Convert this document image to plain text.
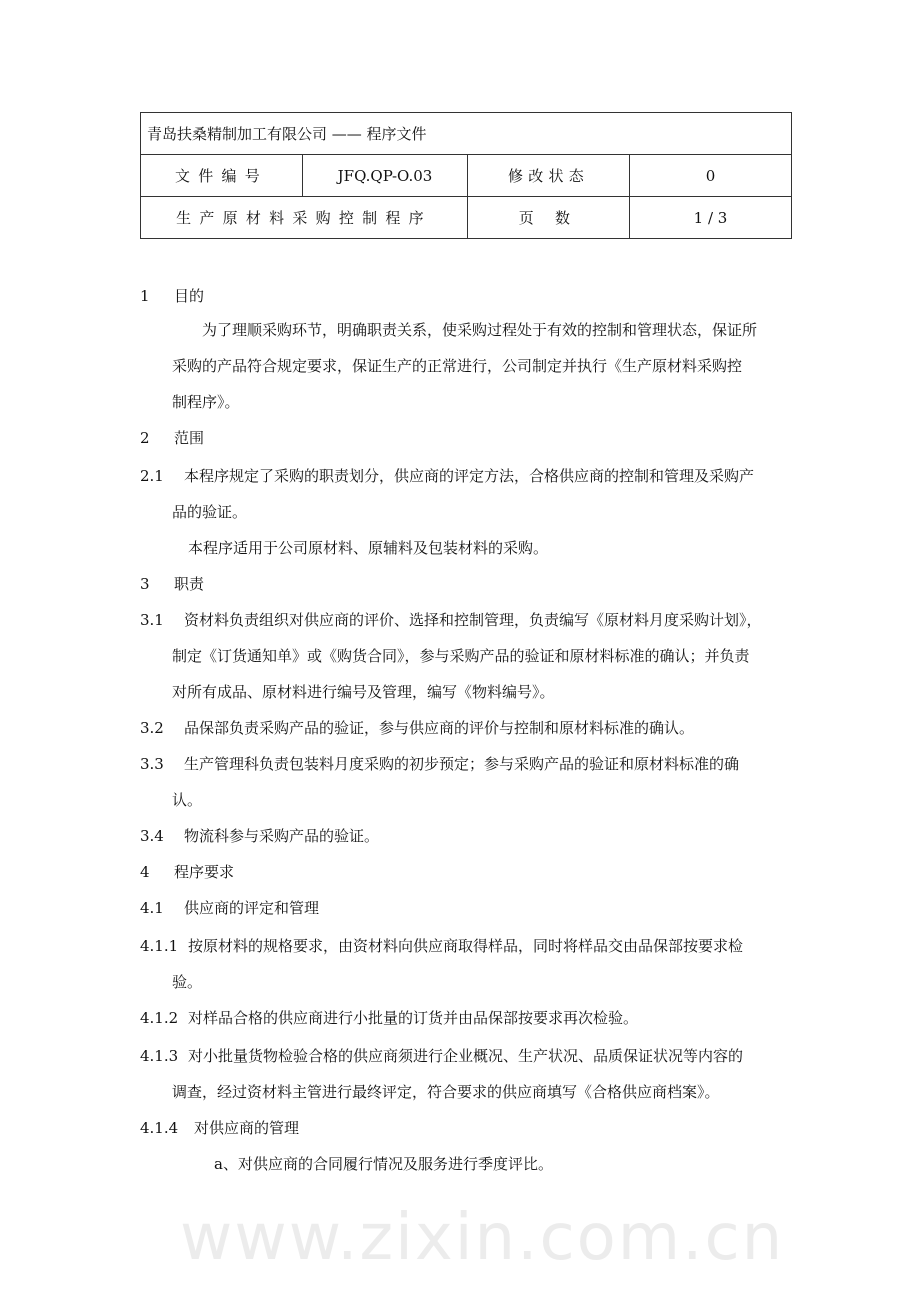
www.zixin.com.cn
青岛扶桑精制加工有限公司 —— 程序文件			
文件编号	JFQ.QP-O.03	修改状态	0
生产原材料采购控制程序		页 数	1 / 3
1 目的
为了理顺采购环节，明确职责关系，使采购过程处于有效的控制和管理状态，保证所
采购的产品符合规定要求，保证生产的正常进行，公司制定并执行《生产原材料采购控
制程序》。
2 范围
2.1 本程序规定了采购的职责划分，供应商的评定方法，合格供应商的控制和管理及采购产
品的验证。
本程序适用于公司原材料、原辅料及包装材料的采购。
3 职责
3.1 资材料负责组织对供应商的评价、选择和控制管理，负责编写《原材料月度采购计划》，
制定《订货通知单》或《购货合同》，参与采购产品的验证和原材料标准的确认；并负责
对所有成品、原材料进行编号及管理，编写《物料编号》。
3.2 品保部负责采购产品的验证，参与供应商的评价与控制和原材料标准的确认。
3.3 生产管理科负责包装料月度采购的初步预定；参与采购产品的验证和原材料标准的确
认。
3.4 物流科参与采购产品的验证。
4 程序要求
4.1 供应商的评定和管理
4.1.1 按原材料的规格要求，由资材料向供应商取得样品，同时将样品交由品保部按要求检
验。
4.1.2 对样品合格的供应商进行小批量的订货并由品保部按要求再次检验。
4.1.3 对小批量货物检验合格的供应商须进行企业概况、生产状况、品质保证状况等内容的
调查，经过资材料主管进行最终评定，符合要求的供应商填写《合格供应商档案》。
4.1.4 对供应商的管理
a、对供应商的合同履行情况及服务进行季度评比。
